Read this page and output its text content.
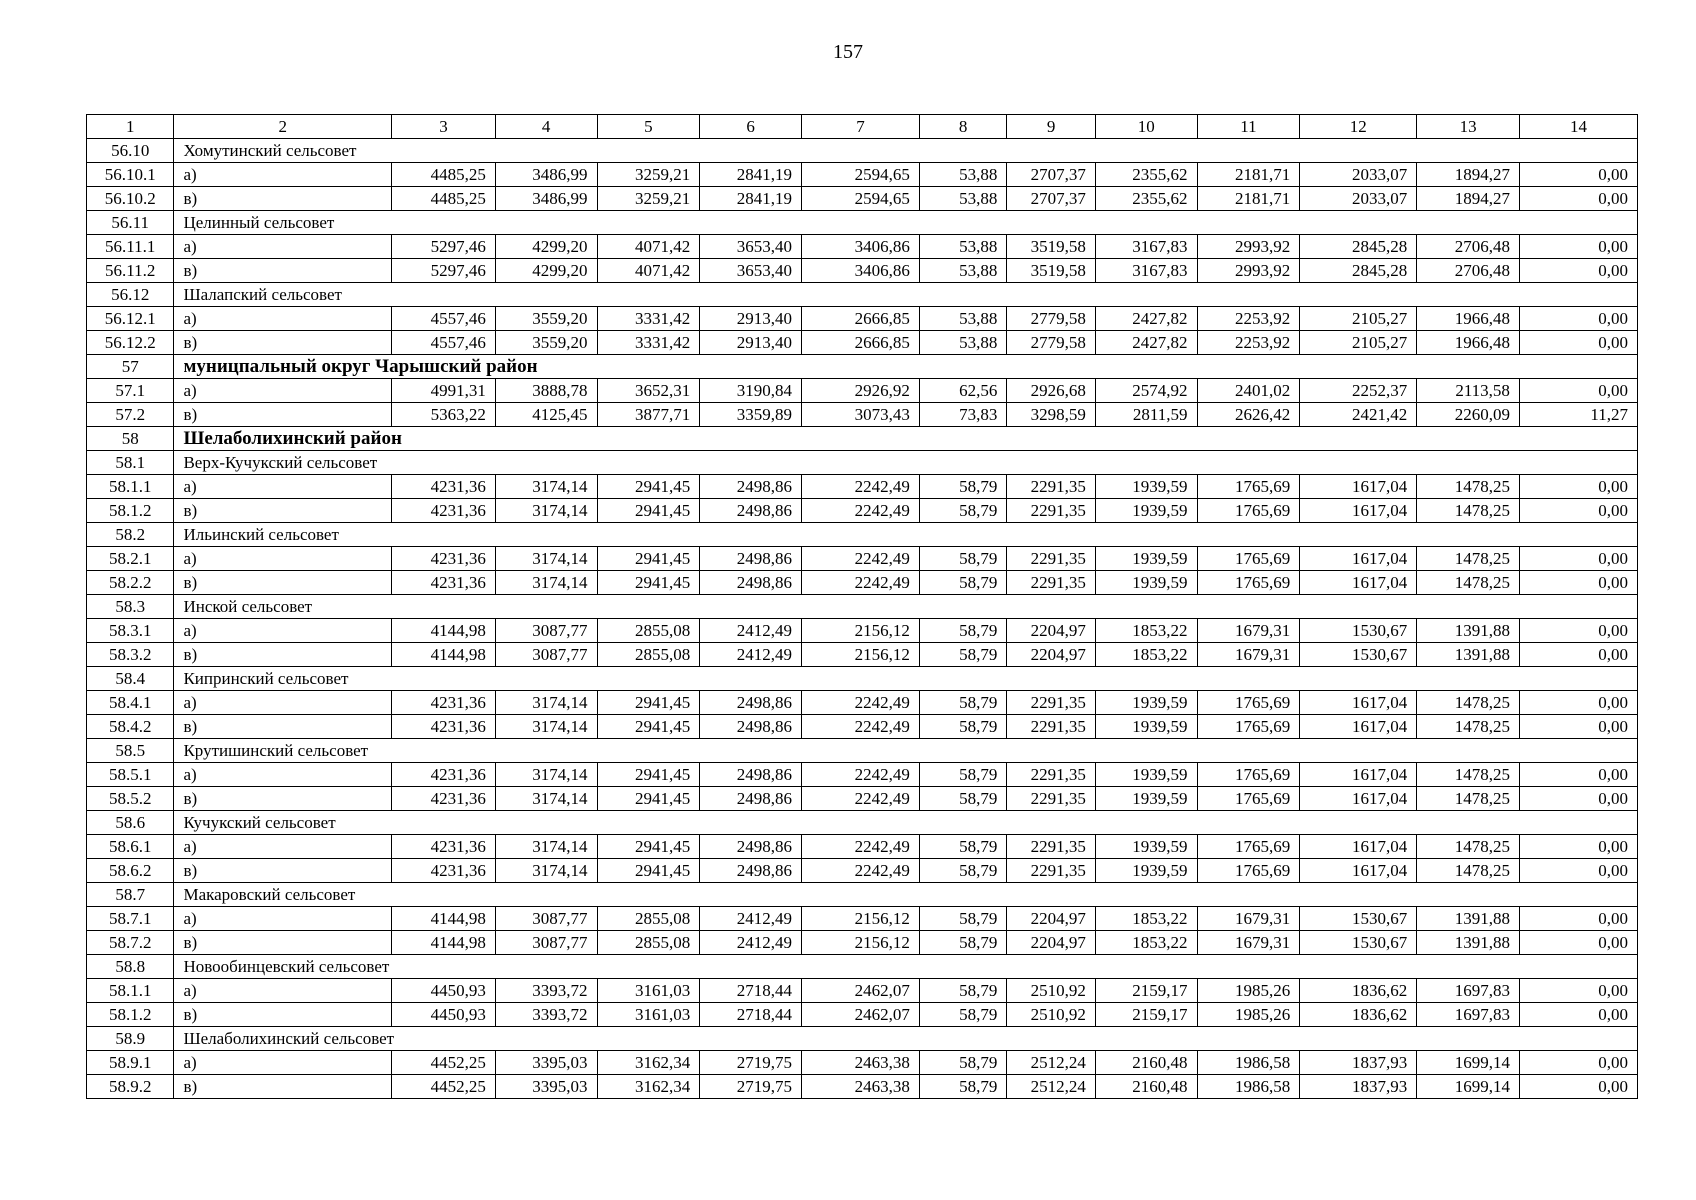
157
1	2	3	4	5	6	7	8	9	10	11	12	13	14
56.10	Хомутинский сельсовет												
56.10.1	а)	4485,25	3486,99	3259,21	2841,19	2594,65	53,88	2707,37	2355,62	2181,71	2033,07	1894,27	0,00
56.10.2	в)	4485,25	3486,99	3259,21	2841,19	2594,65	53,88	2707,37	2355,62	2181,71	2033,07	1894,27	0,00
56.11	Целинный сельсовет												
56.11.1	а)	5297,46	4299,20	4071,42	3653,40	3406,86	53,88	3519,58	3167,83	2993,92	2845,28	2706,48	0,00
56.11.2	в)	5297,46	4299,20	4071,42	3653,40	3406,86	53,88	3519,58	3167,83	2993,92	2845,28	2706,48	0,00
56.12	Шалапский сельсовет												
56.12.1	а)	4557,46	3559,20	3331,42	2913,40	2666,85	53,88	2779,58	2427,82	2253,92	2105,27	1966,48	0,00
56.12.2	в)	4557,46	3559,20	3331,42	2913,40	2666,85	53,88	2779,58	2427,82	2253,92	2105,27	1966,48	0,00
57	муницпальный округ Чарышский район												
57.1	а)	4991,31	3888,78	3652,31	3190,84	2926,92	62,56	2926,68	2574,92	2401,02	2252,37	2113,58	0,00
57.2	в)	5363,22	4125,45	3877,71	3359,89	3073,43	73,83	3298,59	2811,59	2626,42	2421,42	2260,09	11,27
58	Шелаболихинский район												
58.1	Верх-Кучукский сельсовет												
58.1.1	а)	4231,36	3174,14	2941,45	2498,86	2242,49	58,79	2291,35	1939,59	1765,69	1617,04	1478,25	0,00
58.1.2	в)	4231,36	3174,14	2941,45	2498,86	2242,49	58,79	2291,35	1939,59	1765,69	1617,04	1478,25	0,00
58.2	Ильинский сельсовет												
58.2.1	а)	4231,36	3174,14	2941,45	2498,86	2242,49	58,79	2291,35	1939,59	1765,69	1617,04	1478,25	0,00
58.2.2	в)	4231,36	3174,14	2941,45	2498,86	2242,49	58,79	2291,35	1939,59	1765,69	1617,04	1478,25	0,00
58.3	Инской сельсовет												
58.3.1	а)	4144,98	3087,77	2855,08	2412,49	2156,12	58,79	2204,97	1853,22	1679,31	1530,67	1391,88	0,00
58.3.2	в)	4144,98	3087,77	2855,08	2412,49	2156,12	58,79	2204,97	1853,22	1679,31	1530,67	1391,88	0,00
58.4	Кипринский сельсовет												
58.4.1	а)	4231,36	3174,14	2941,45	2498,86	2242,49	58,79	2291,35	1939,59	1765,69	1617,04	1478,25	0,00
58.4.2	в)	4231,36	3174,14	2941,45	2498,86	2242,49	58,79	2291,35	1939,59	1765,69	1617,04	1478,25	0,00
58.5	Крутишинский сельсовет												
58.5.1	а)	4231,36	3174,14	2941,45	2498,86	2242,49	58,79	2291,35	1939,59	1765,69	1617,04	1478,25	0,00
58.5.2	в)	4231,36	3174,14	2941,45	2498,86	2242,49	58,79	2291,35	1939,59	1765,69	1617,04	1478,25	0,00
58.6	Кучукский сельсовет												
58.6.1	а)	4231,36	3174,14	2941,45	2498,86	2242,49	58,79	2291,35	1939,59	1765,69	1617,04	1478,25	0,00
58.6.2	в)	4231,36	3174,14	2941,45	2498,86	2242,49	58,79	2291,35	1939,59	1765,69	1617,04	1478,25	0,00
58.7	Макаровский сельсовет												
58.7.1	а)	4144,98	3087,77	2855,08	2412,49	2156,12	58,79	2204,97	1853,22	1679,31	1530,67	1391,88	0,00
58.7.2	в)	4144,98	3087,77	2855,08	2412,49	2156,12	58,79	2204,97	1853,22	1679,31	1530,67	1391,88	0,00
58.8	Новообинцевский сельсовет												
58.1.1	а)	4450,93	3393,72	3161,03	2718,44	2462,07	58,79	2510,92	2159,17	1985,26	1836,62	1697,83	0,00
58.1.2	в)	4450,93	3393,72	3161,03	2718,44	2462,07	58,79	2510,92	2159,17	1985,26	1836,62	1697,83	0,00
58.9	Шелаболихинский сельсовет												
58.9.1	а)	4452,25	3395,03	3162,34	2719,75	2463,38	58,79	2512,24	2160,48	1986,58	1837,93	1699,14	0,00
58.9.2	в)	4452,25	3395,03	3162,34	2719,75	2463,38	58,79	2512,24	2160,48	1986,58	1837,93	1699,14	0,00
